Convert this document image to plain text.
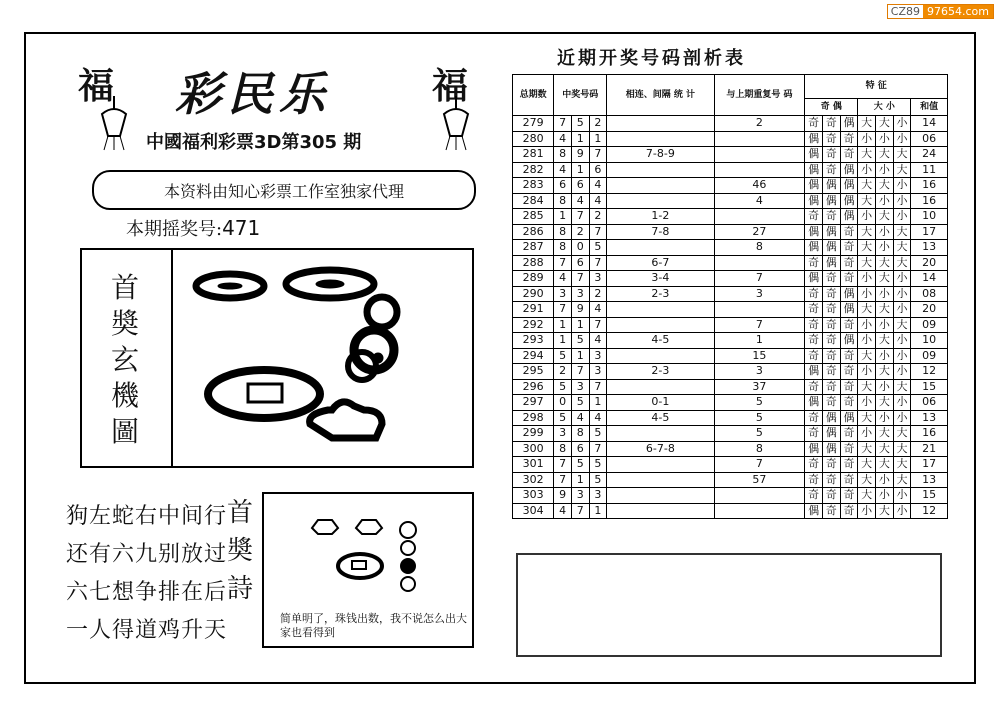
CZ89 97654.com
福	福
彩民乐
中國福利彩票3D第305 期
本资料由知心彩票工作室独家代理
本期摇奖号:471
首奬玄機圖
狗左蛇右中间行
还有六九别放过
六七想争排在后
一人得道鸡升天
首奬詩
简单明了，珠钱出数，我不说怎么出大家也看得到
近期开奖号码剖析表
总期数	中奖号码			相连、间隔 统 计	与上期重复号 码	特 征						
						奇 偶			大 小			和值
279	7	5	2		2	奇	奇	偶	大	大	小	14
280	4	1	1			偶	奇	奇	小	小	小	06
281	8	9	7	7-8-9		偶	奇	奇	大	大	大	24
282	4	1	6			偶	奇	偶	小	小	大	11
283	6	6	4		46	偶	偶	偶	大	大	小	16
284	8	4	4		4	偶	偶	偶	大	小	小	16
285	1	7	2	1-2		奇	奇	偶	小	大	小	10
286	8	2	7	7-8	27	偶	偶	奇	大	小	大	17
287	8	0	5		8	偶	偶	奇	大	小	大	13
288	7	6	7	6-7		奇	偶	奇	大	大	大	20
289	4	7	3	3-4	7	偶	奇	奇	小	大	小	14
290	3	3	2	2-3	3	奇	奇	偶	小	小	小	08
291	7	9	4			奇	奇	偶	大	大	小	20
292	1	1	7		7	奇	奇	奇	小	小	大	09
293	1	5	4	4-5	1	奇	奇	偶	小	大	小	10
294	5	1	3		15	奇	奇	奇	大	小	小	09
295	2	7	3	2-3	3	偶	奇	奇	小	大	小	12
296	5	3	7		37	奇	奇	奇	大	小	大	15
297	0	5	1	0-1	5	偶	奇	奇	小	大	小	06
298	5	4	4	4-5	5	奇	偶	偶	大	小	小	13
299	3	8	5		5	奇	偶	奇	小	大	大	16
300	8	6	7	6-7-8	8	偶	偶	奇	大	大	大	21
301	7	5	5		7	奇	奇	奇	大	大	大	17
302	7	1	5		57	奇	奇	奇	大	小	大	13
303	9	3	3			奇	奇	奇	大	小	小	15
304	4	7	1			偶	奇	奇	小	大	小	12
